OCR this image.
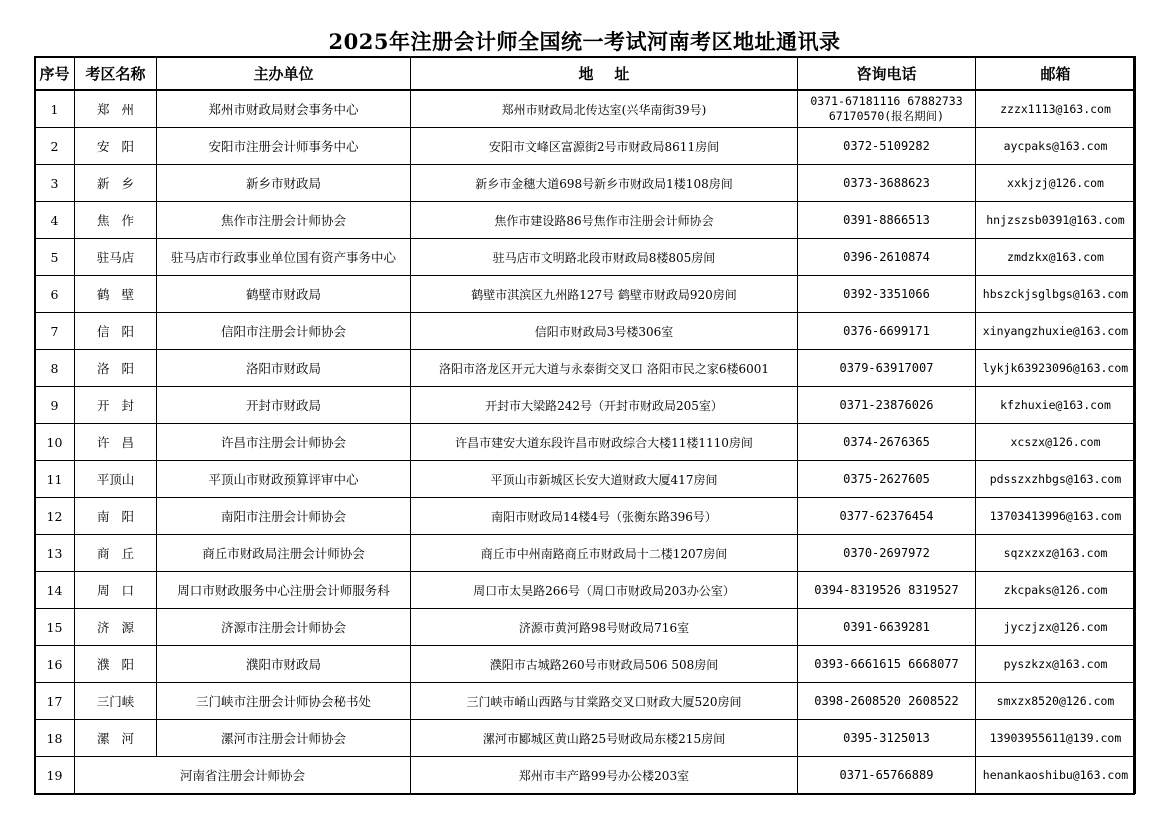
2025年注册会计师全国统一考试河南考区地址通讯录
序号	考区名称	主办单位	地    址	咨询电话	邮箱
1	郑州	郑州市财政局财会事务中心	郑州市财政局北传达室(兴华南街39号)	0371-67181116 67882733 67170570(报名期间)	zzzx1113@163.com
2	安阳	安阳市注册会计师事务中心	安阳市文峰区富源街2号市财政局8611房间	0372-5109282	aycpaks@163.com
3	新乡	新乡市财政局	新乡市金穗大道698号新乡市财政局1楼108房间	0373-3688623	xxkjzj@126.com
4	焦作	焦作市注册会计师协会	焦作市建设路86号焦作市注册会计师协会	0391-8866513	hnjzszsb0391@163.com
5	驻马店	驻马店市行政事业单位国有资产事务中心	驻马店市文明路北段市财政局8楼805房间	0396-2610874	zmdzkx@163.com
6	鹤壁	鹤壁市财政局	鹤壁市淇滨区九州路127号 鹤壁市财政局920房间	0392-3351066	hbszckjsglbgs@163.com
7	信阳	信阳市注册会计师协会	信阳市财政局3号楼306室	0376-6699171	xinyangzhuxie@163.com
8	洛阳	洛阳市财政局	洛阳市洛龙区开元大道与永泰街交叉口 洛阳市民之家6楼6001	0379-63917007	lykjk63923096@163.com
9	开封	开封市财政局	开封市大梁路242号（开封市财政局205室）	0371-23876026	kfzhuxie@163.com
10	许昌	许昌市注册会计师协会	许昌市建安大道东段许昌市财政综合大楼11楼1110房间	0374-2676365	xcszx@126.com
11	平顶山	平顶山市财政预算评审中心	平顶山市新城区长安大道财政大厦417房间	0375-2627605	pdsszxzhbgs@163.com
12	南阳	南阳市注册会计师协会	南阳市财政局14楼4号（张衡东路396号）	0377-62376454	13703413996@163.com
13	商丘	商丘市财政局注册会计师协会	商丘市中州南路商丘市财政局十二楼1207房间	0370-2697972	sqzxzxz@163.com
14	周口	周口市财政服务中心注册会计师服务科	周口市太昊路266号（周口市财政局203办公室）	0394-8319526 8319527	zkcpaks@126.com
15	济源	济源市注册会计师协会	济源市黄河路98号财政局716室	0391-6639281	jyczjzx@126.com
16	濮阳	濮阳市财政局	濮阳市古城路260号市财政局506 508房间	0393-6661615 6668077	pyszkzx@163.com
17	三门峡	三门峡市注册会计师协会秘书处	三门峡市崤山西路与甘棠路交叉口财政大厦520房间	0398-2608520 2608522	smxzx8520@126.com
18	漯河	漯河市注册会计师协会	漯河市郾城区黄山路25号财政局东楼215房间	0395-3125013	13903955611@139.com
19	河南省注册会计师协会		郑州市丰产路99号办公楼203室	0371-65766889	henankaoshibu@163.com
